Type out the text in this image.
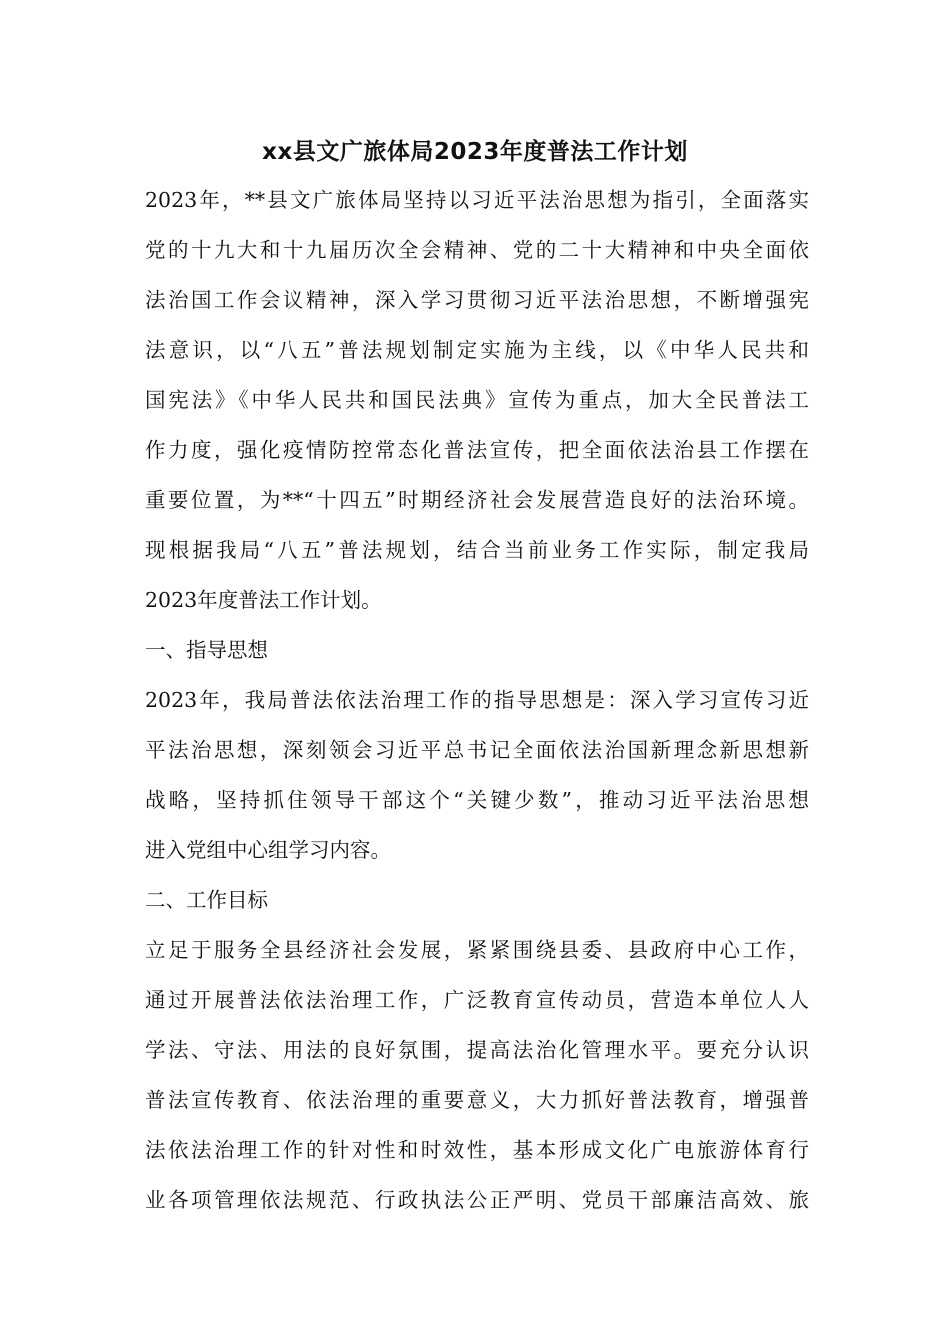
xx县文广旅体局2023年度普法工作计划
2023年，**县文广旅体局坚持以习近平法治思想为指引，全面落实
党的十九大和十九届历次全会精神、党的二十大精神和中央全面依
法治国工作会议精神，深入学习贯彻习近平法治思想，不断增强宪
法意识，以“八五”普法规划制定实施为主线，以《中华人民共和
国宪法》《中华人民共和国民法典》宣传为重点，加大全民普法工
作力度，强化疫情防控常态化普法宣传，把全面依法治县工作摆在
重要位置，为**“十四五”时期经济社会发展营造良好的法治环境。
现根据我局“八五”普法规划，结合当前业务工作实际，制定我局
2023年度普法工作计划。
一、指导思想
2023年，我局普法依法治理工作的指导思想是：深入学习宣传习近
平法治思想，深刻领会习近平总书记全面依法治国新理念新思想新
战略，坚持抓住领导干部这个“关键少数”，推动习近平法治思想
进入党组中心组学习内容。
二、工作目标
立足于服务全县经济社会发展，紧紧围绕县委、县政府中心工作，
通过开展普法依法治理工作，广泛教育宣传动员，营造本单位人人
学法、守法、用法的良好氛围，提高法治化管理水平。要充分认识
普法宣传教育、依法治理的重要意义，大力抓好普法教育，增强普
法依法治理工作的针对性和时效性，基本形成文化广电旅游体育行
业各项管理依法规范、行政执法公正严明、党员干部廉洁高效、旅
